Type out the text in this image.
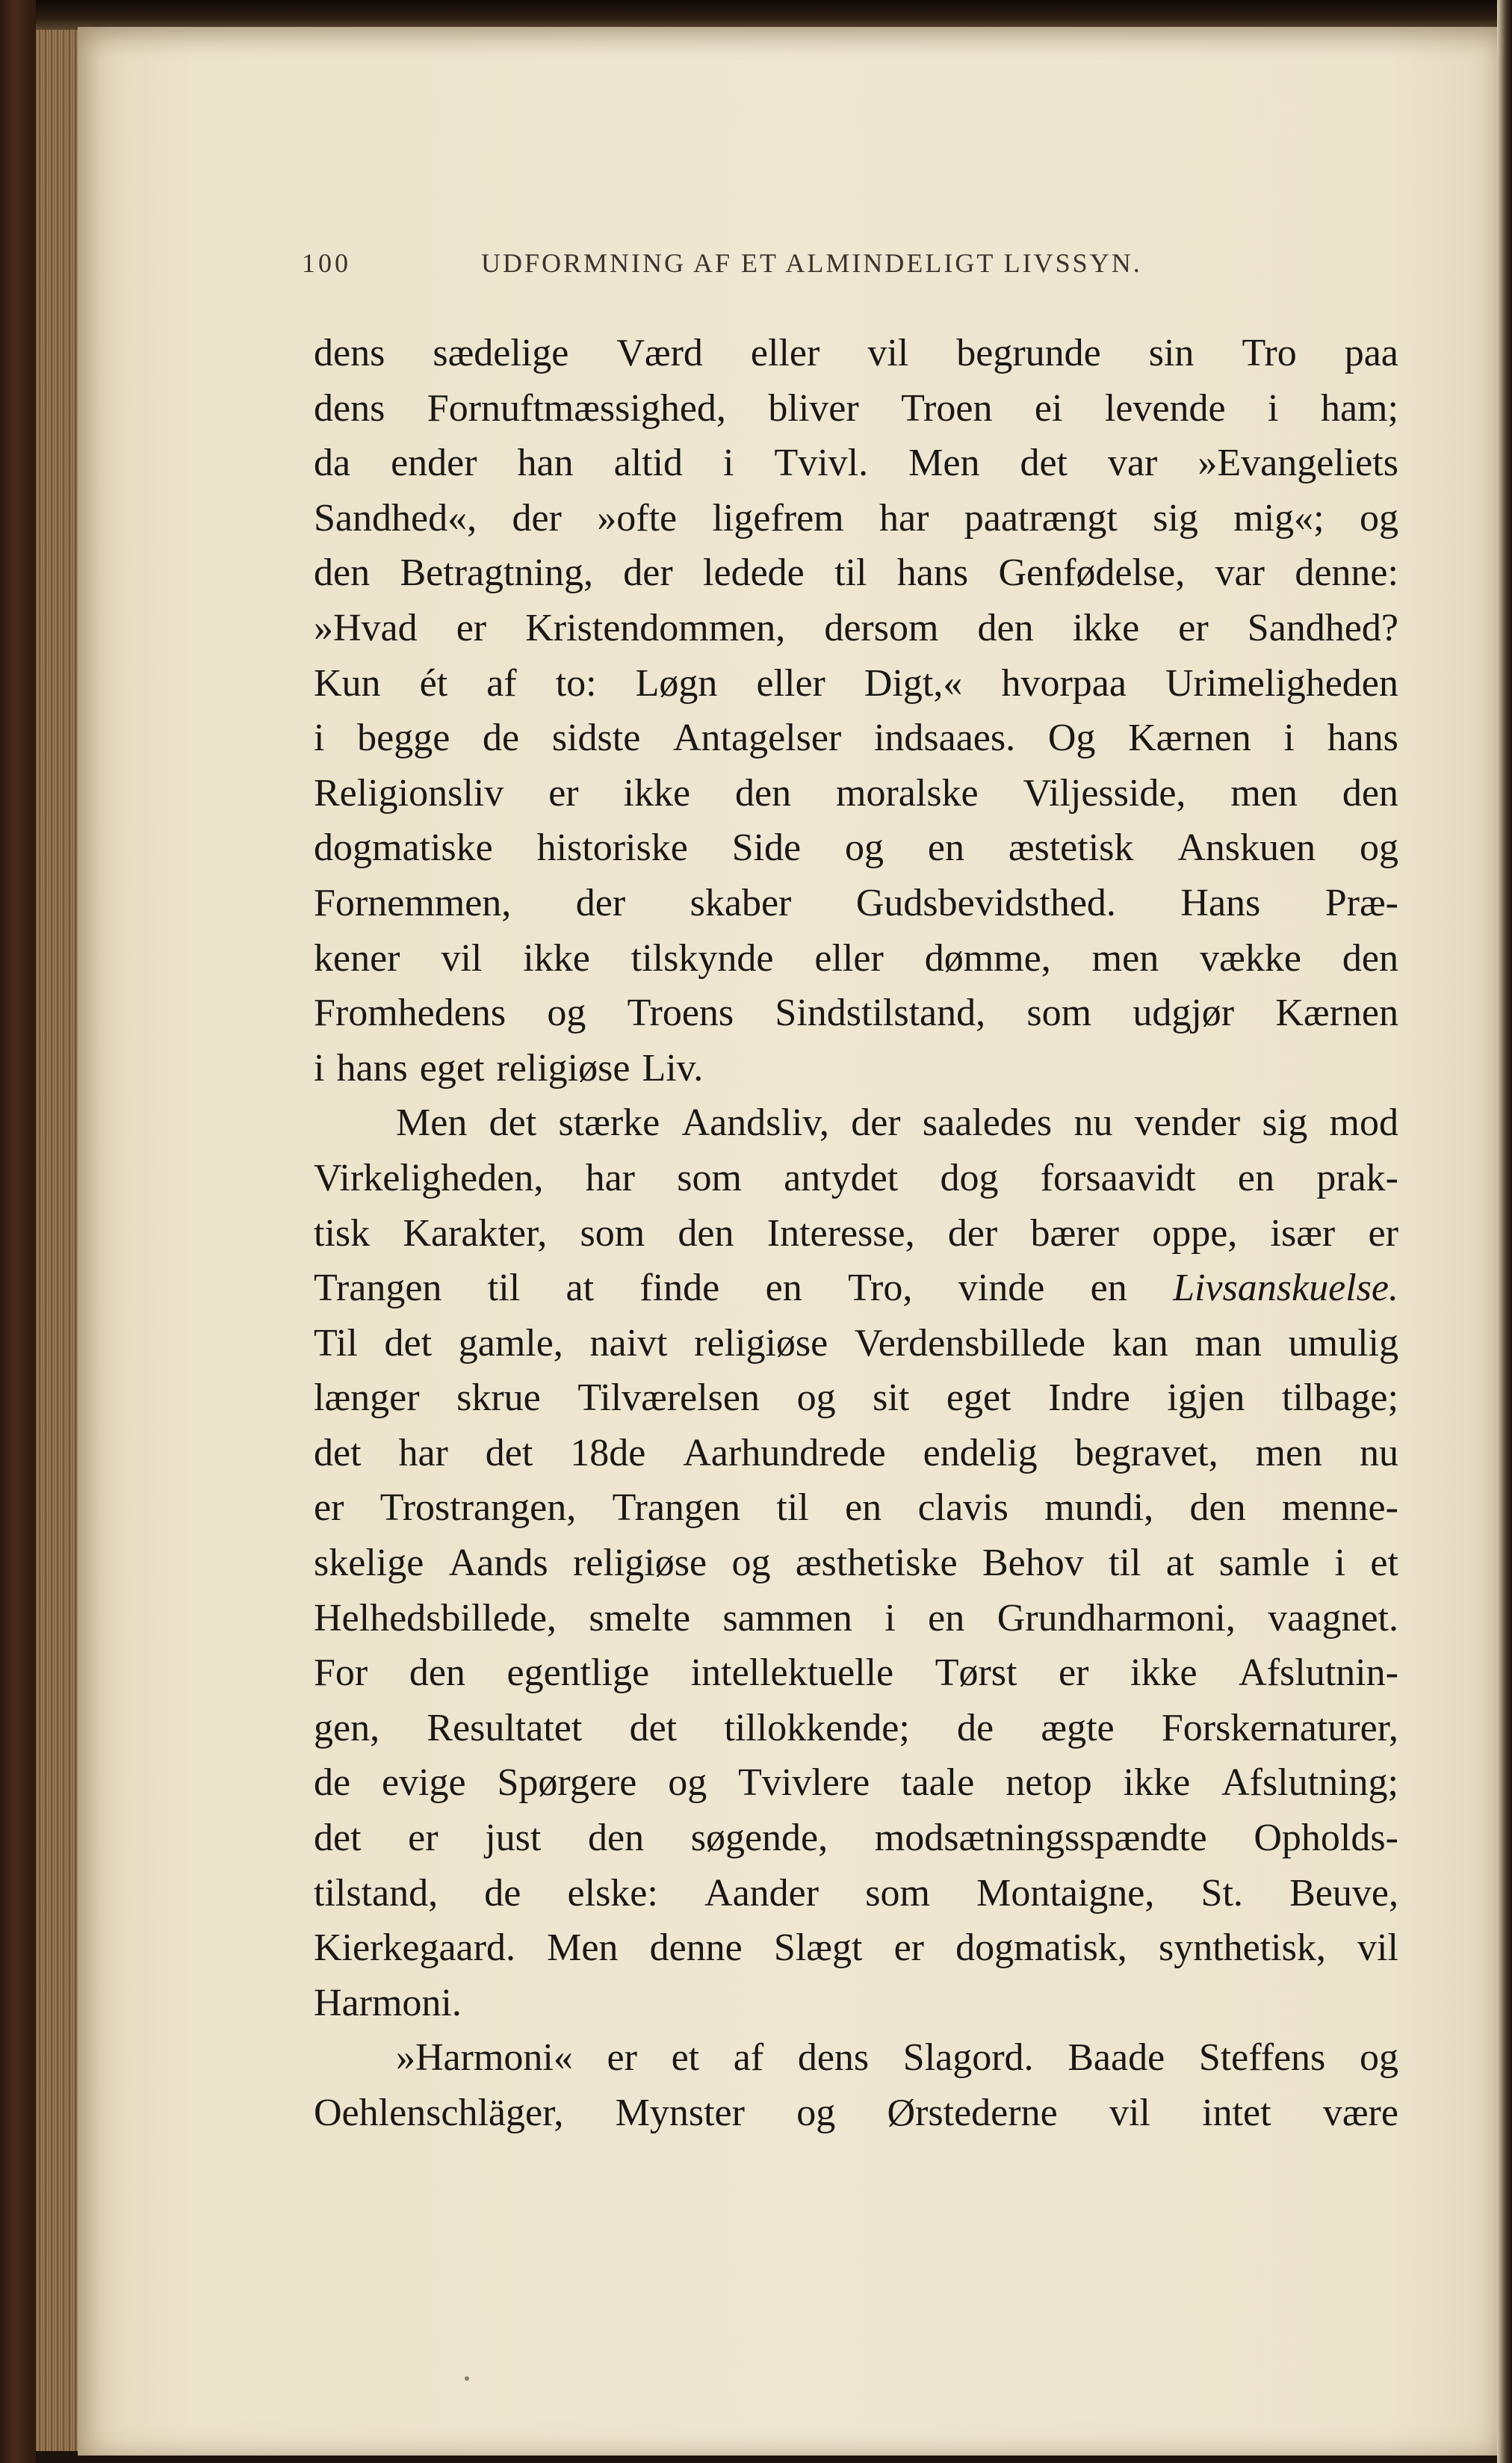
100	UDFORMNING AF ET ALMINDELIGT LIVSSYN.
dens sædelige Værd eller vil begrunde sin Tro paa
dens Fornuftmæssighed, bliver Troen ei levende i ham;
da ender han altid i Tvivl. Men det var »Evangeliets
Sandhed«, der »ofte ligefrem har paatrængt sig mig«; og
den Betragtning, der ledede til hans Genfødelse, var denne:
»Hvad er Kristendommen, dersom den ikke er Sandhed?
Kun ét af to: Løgn eller Digt,« hvorpaa Urimeligheden
i begge de sidste Antagelser indsaaes. Og Kærnen i hans
Religionsliv er ikke den moralske Viljesside, men den
dogmatiske historiske Side og en æstetisk Anskuen og
Fornemmen, der skaber Gudsbevidsthed. Hans Præ-
kener vil ikke tilskynde eller dømme, men vække den
Fromhedens og Troens Sindstilstand, som udgjør Kærnen
i hans eget religiøse Liv.
Men det stærke Aandsliv, der saaledes nu vender sig mod
Virkeligheden, har som antydet dog forsaavidt en prak-
tisk Karakter, som den Interesse, der bærer oppe, især er
Trangen til at finde en Tro, vinde en Livsanskuelse.
Til det gamle, naivt religiøse Verdensbillede kan man umulig
længer skrue Tilværelsen og sit eget Indre igjen tilbage;
det har det 18de Aarhundrede endelig begravet, men nu
er Trostrangen, Trangen til en clavis mundi, den menne-
skelige Aands religiøse og æsthetiske Behov til at samle i et
Helhedsbillede, smelte sammen i en Grundharmoni, vaagnet.
For den egentlige intellektuelle Tørst er ikke Afslutnin-
gen, Resultatet det tillokkende; de ægte Forskernaturer,
de evige Spørgere og Tvivlere taale netop ikke Afslutning;
det er just den søgende, modsætningsspændte Opholds-
tilstand, de elske: Aander som Montaigne, St. Beuve,
Kierkegaard. Men denne Slægt er dogmatisk, synthetisk, vil
Harmoni.
»Harmoni« er et af dens Slagord. Baade Steffens og
Oehlenschläger, Mynster og Ørstederne vil intet være
